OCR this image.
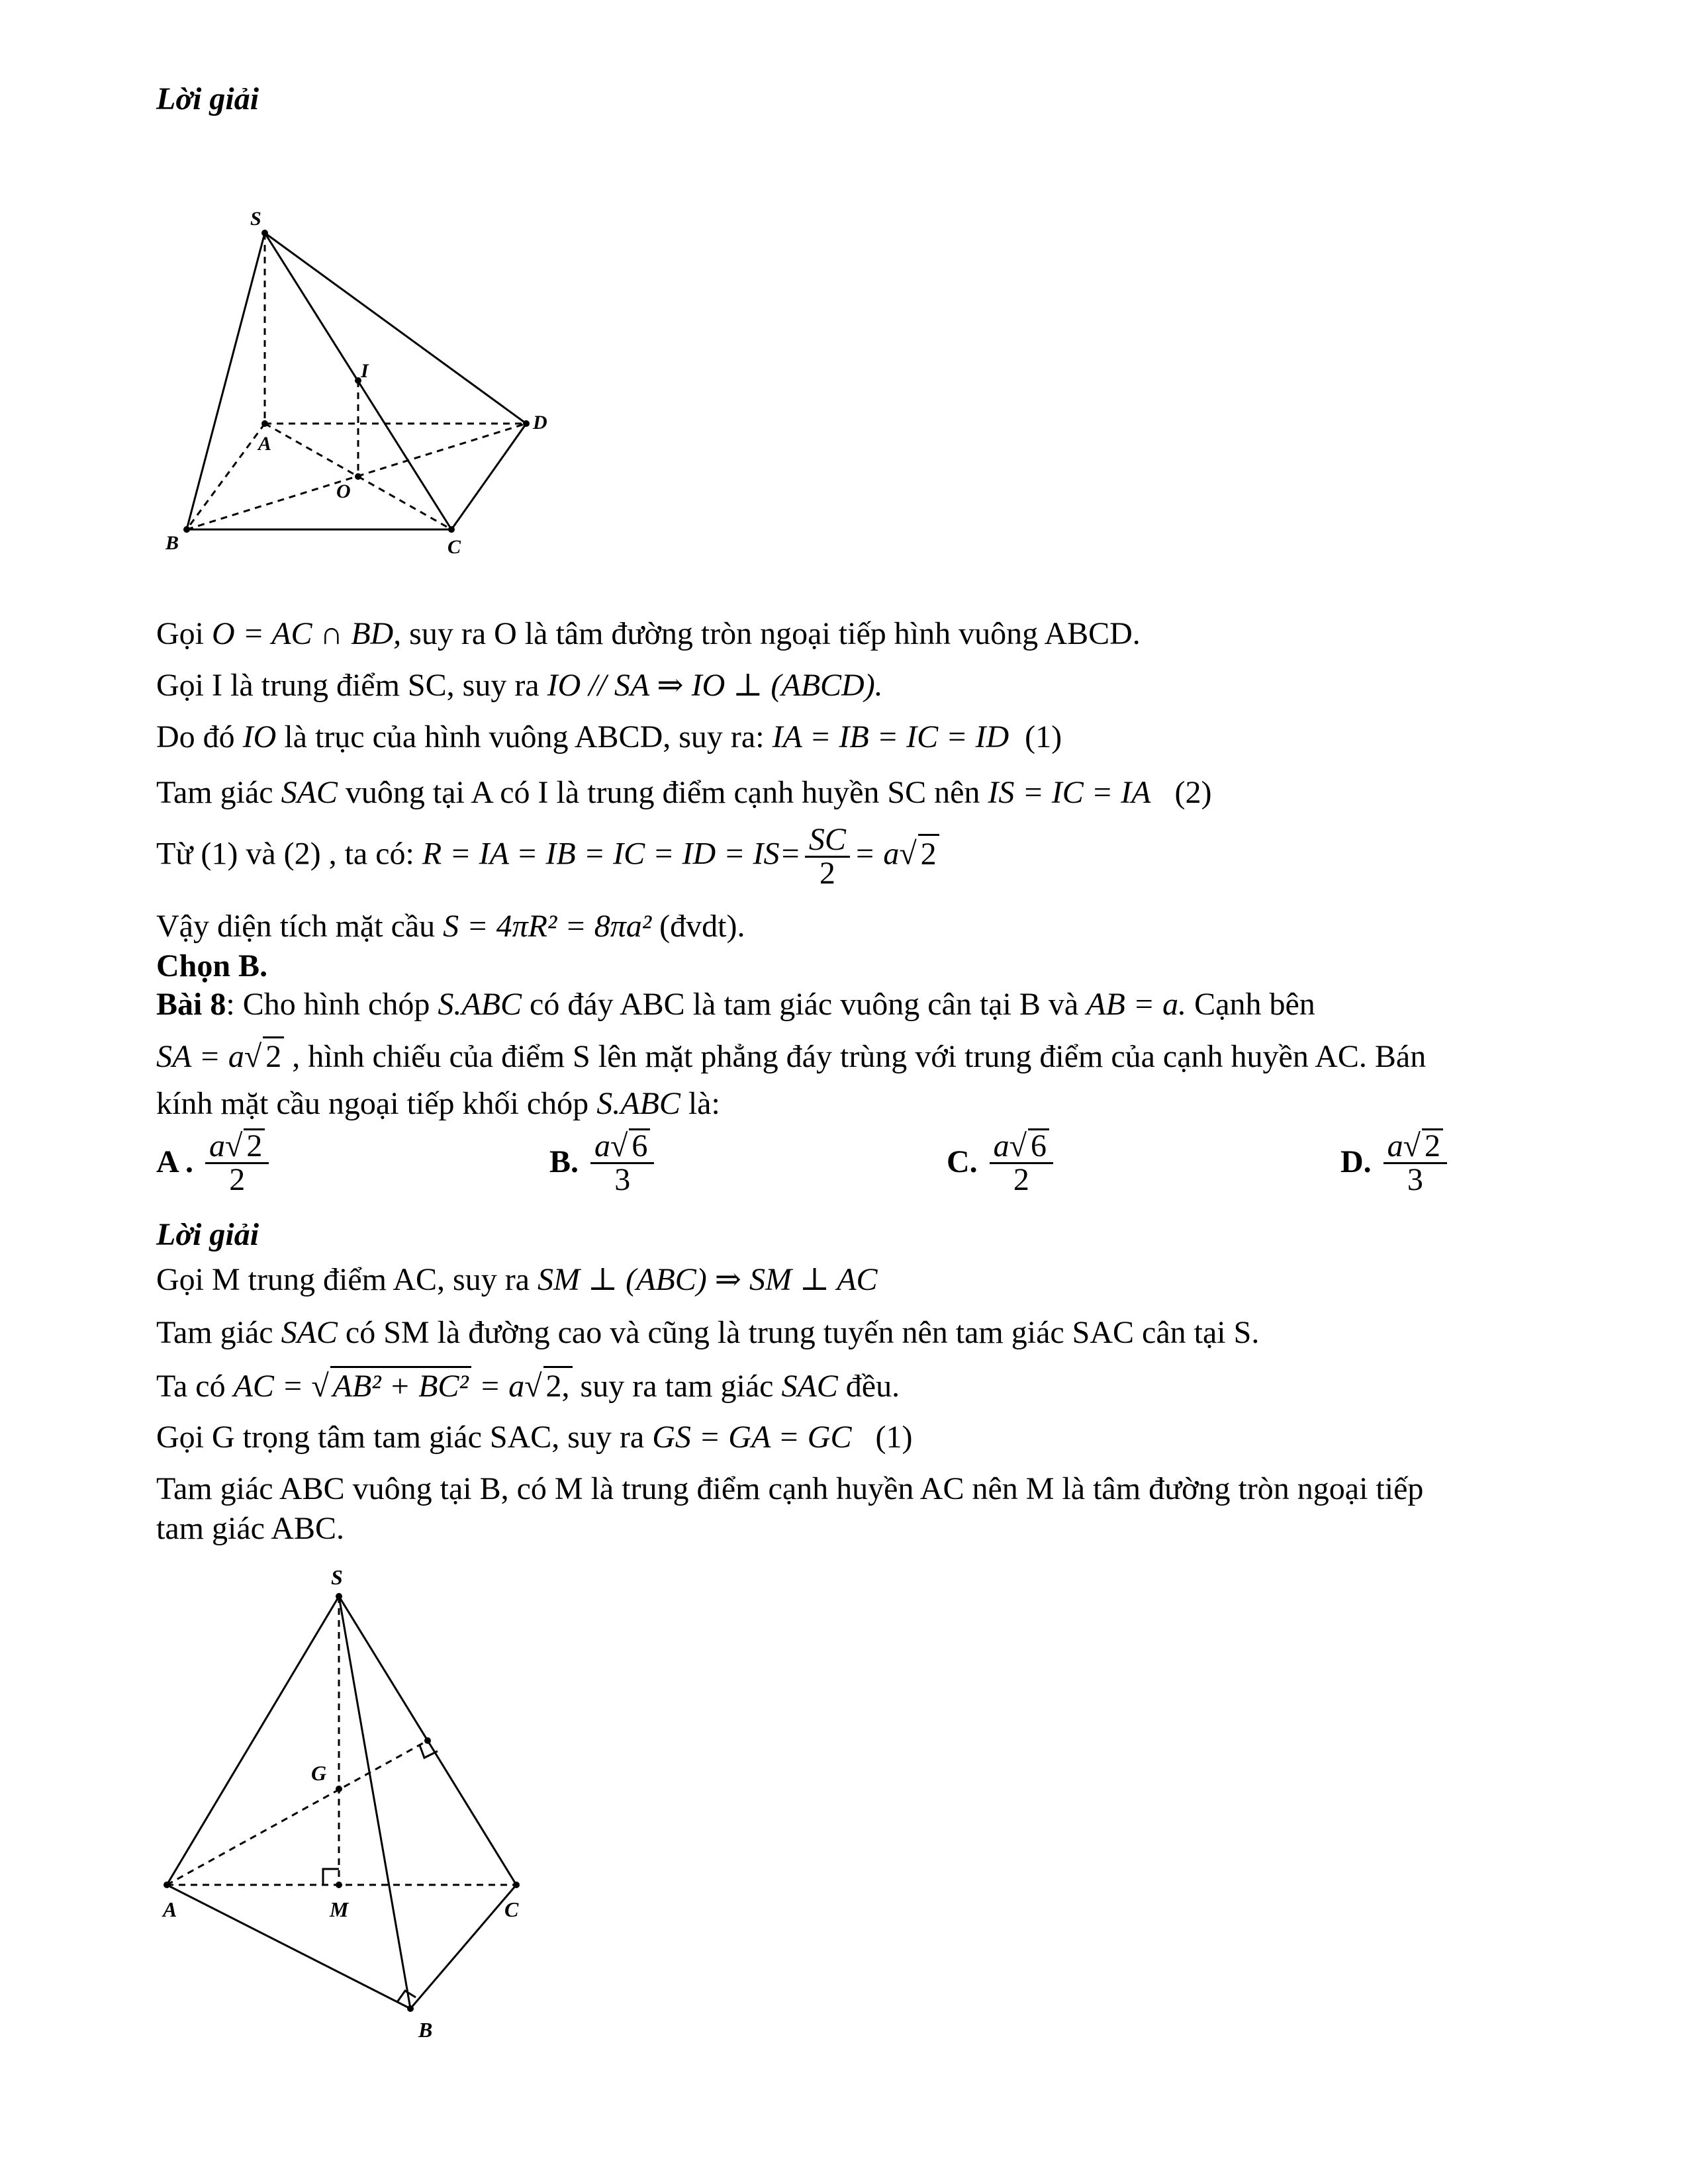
Lời giải
S
I
D
A
O
B	C
Gọi O = AC ∩ BD, suy ra O là tâm đường tròn ngoại tiếp hình vuông ABCD.
Gọi I là trung điểm SC, suy ra IO // SA ⇒ IO ⊥ (ABCD).
Do đó IO là trục của hình vuông ABCD, suy ra: IA = IB = IC = ID (1)
Tam giác SAC vuông tại A có I là trung điểm cạnh huyền SC nên IS = IC = IA (2)
Từ (1) và (2) , ta có: R = IA = IB = IC = ID = $IS= \frac{SC}{2} = a√$ 2
Vậy diện tích mặt cầu S = 4πR² = 8πa² (đvdt).
Chọn B.
Bài 8: Cho hình chóp S.ABC có đáy ABC là tam giác vuông cân tại B và AB = a. Cạnh bên
SA = a√ 2 , hình chiếu của điểm S lên mặt phẳng đáy trùng với trung điểm của cạnh huyền AC. Bán
kính mặt cầu ngoại tiếp khối chóp S.ABC là:
A . $\frac{a√ 2}{2}$	B. $\frac{a√ 6}{3}$	C. $\frac{a√ 6}{2}$	D. $\frac{a√ 2}{3}$
Lời giải
Gọi M trung điểm AC, suy ra SM ⊥ (ABC) ⇒ SM ⊥ AC
Tam giác SAC có SM là đường cao và cũng là trung tuyến nên tam giác SAC cân tại S.
Ta có AC = √ AB² + BC² = a√ 2, suy ra tam giác SAC đều.
Gọi G trọng tâm tam giác SAC, suy ra GS = GA = GC (1)
Tam giác ABC vuông tại B, có M là trung điểm cạnh huyền AC nên M là tâm đường tròn ngoại tiếp
tam giác ABC.
S
G
A	M	C
B
